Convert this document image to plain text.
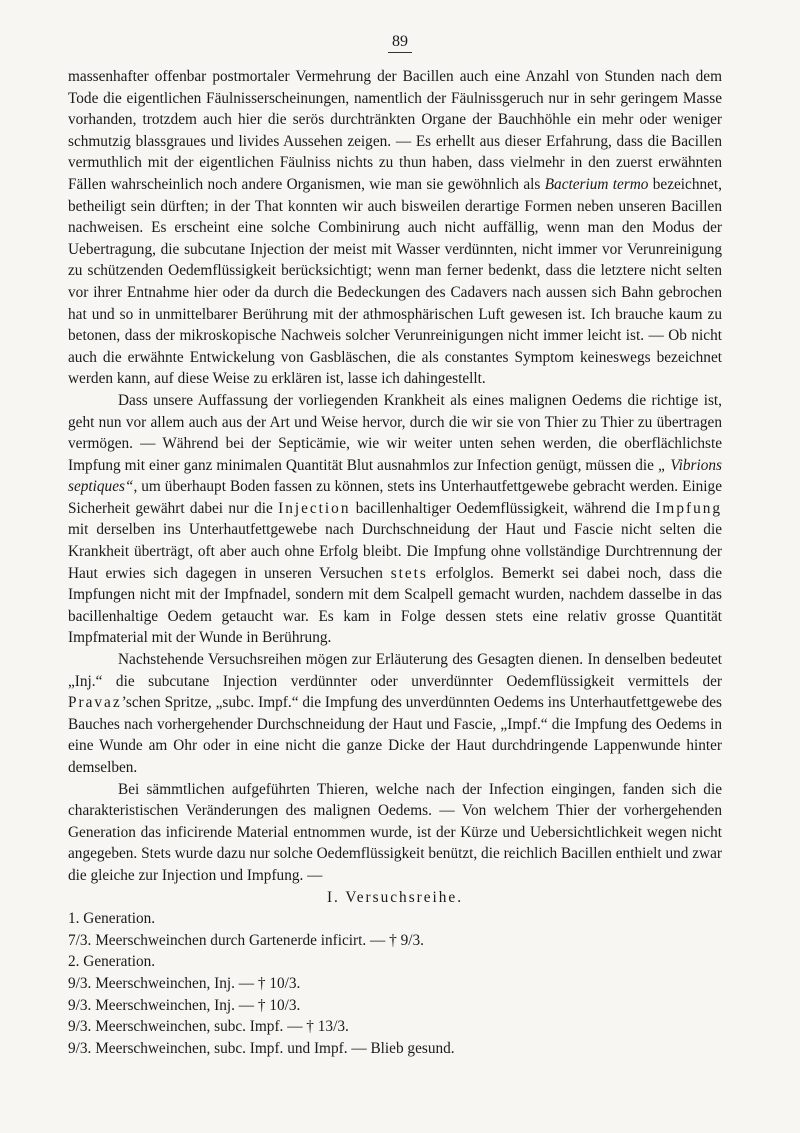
89

massenhafter offenbar postmortaler Vermehrung der Bacillen auch eine Anzahl von Stunden nach dem Tode die eigentlichen Fäulnisserscheinungen, namentlich der Fäulnissgeruch nur in sehr geringem Masse vorhanden, trotzdem auch hier die serös durchtränkten Organe der Bauchhöhle ein mehr oder weniger schmutzig blassgraues und livides Aussehen zeigen. — Es erhellt aus dieser Erfahrung, dass die Bacillen vermuthlich mit der eigentlichen Fäulniss nichts zu thun haben, dass vielmehr in den zuerst erwähnten Fällen wahrscheinlich noch andere Organismen, wie man sie gewöhnlich als Bacterium termo bezeichnet, betheiligt sein dürften; in der That konnten wir auch bisweilen derartige Formen neben unseren Bacillen nachweisen. Es erscheint eine solche Combinirung auch nicht auffällig, wenn man den Modus der Uebertragung, die subcutane Injection der meist mit Wasser verdünnten, nicht immer vor Verunreinigung zu schützenden Oedemflüssigkeit berücksichtigt; wenn man ferner bedenkt, dass die letztere nicht selten vor ihrer Entnahme hier oder da durch die Bedeckungen des Cadavers nach aussen sich Bahn gebrochen hat und so in unmittelbarer Berührung mit der athmosphärischen Luft gewesen ist. Ich brauche kaum zu betonen, dass der mikroskopische Nachweis solcher Verunreinigungen nicht immer leicht ist. — Ob nicht auch die erwähnte Entwickelung von Gasbläschen, die als constantes Symptom keineswegs bezeichnet werden kann, auf diese Weise zu erklären ist, lasse ich dahingestellt.

Dass unsere Auffassung der vorliegenden Krankheit als eines malignen Oedems die richtige ist, geht nun vor allem auch aus der Art und Weise hervor, durch die wir sie von Thier zu Thier zu übertragen vermögen. — Während bei der Septicämie, wie wir weiter unten sehen werden, die oberflächlichste Impfung mit einer ganz minimalen Quantität Blut ausnahmlos zur Infection genügt, müssen die „ Vibrions septiques“, um überhaupt Boden fassen zu können, stets ins Unterhautfettgewebe gebracht werden. Einige Sicherheit gewährt dabei nur die Injection bacillenhaltiger Oedemflüssigkeit, während die Impfung mit derselben ins Unterhautfettgewebe nach Durchschneidung der Haut und Fascie nicht selten die Krankheit überträgt, oft aber auch ohne Erfolg bleibt. Die Impfung ohne vollständige Durchtrennung der Haut erwies sich dagegen in unseren Versuchen stets erfolglos. Bemerkt sei dabei noch, dass die Impfungen nicht mit der Impfnadel, sondern mit dem Scalpell gemacht wurden, nachdem dasselbe in das bacillenhaltige Oedem getaucht war. Es kam in Folge dessen stets eine relativ grosse Quantität Impfmaterial mit der Wunde in Berührung.

Nachstehende Versuchsreihen mögen zur Erläuterung des Gesagten dienen. In denselben bedeutet „Inj.“ die subcutane Injection verdünnter oder unverdünnter Oedemflüssigkeit vermittels der Pravaz’schen Spritze, „subc. Impf.“ die Impfung des unverdünnten Oedems ins Unterhautfettgewebe des Bauches nach vorhergehender Durchschneidung der Haut und Fascie, „Impf.“ die Impfung des Oedems in eine Wunde am Ohr oder in eine nicht die ganze Dicke der Haut durchdringende Lappenwunde hinter demselben.

Bei sämmtlichen aufgeführten Thieren, welche nach der Infection eingingen, fanden sich die charakteristischen Veränderungen des malignen Oedems. — Von welchem Thier der vorhergehenden Generation das inficirende Material entnommen wurde, ist der Kürze und Uebersichtlichkeit wegen nicht angegeben. Stets wurde dazu nur solche Oedemflüssigkeit benützt, die reichlich Bacillen enthielt und zwar die gleiche zur Injection und Impfung. —

I. Versuchsreihe.

1. Generation.

7/3. Meerschweinchen durch Gartenerde inficirt. — † 9/3.

2. Generation.

9/3. Meerschweinchen, Inj. — † 10/3.

9/3. Meerschweinchen, Inj. — † 10/3.

9/3. Meerschweinchen, subc. Impf. — † 13/3.

9/3. Meerschweinchen, subc. Impf. und Impf. — Blieb gesund.
